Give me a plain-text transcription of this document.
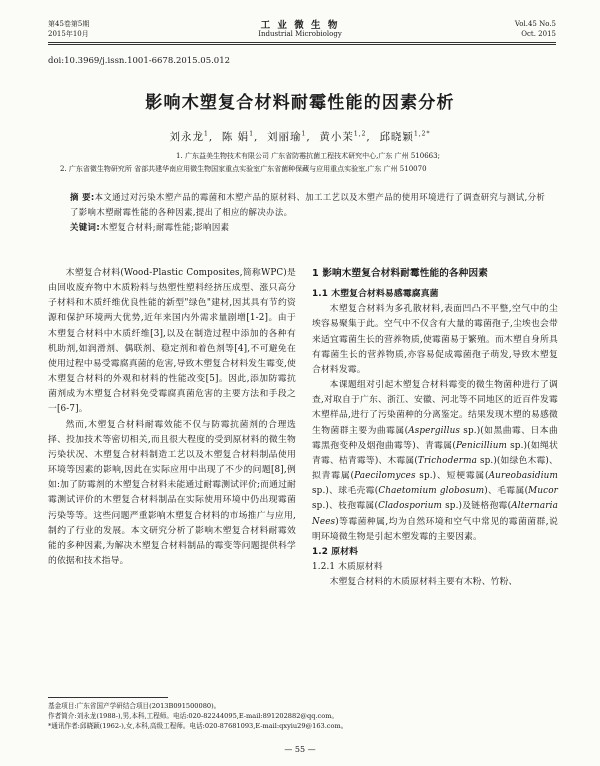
第45卷第5期
2015年10月
工 业 微 生 物
Industrial Microbiology
Vol.45 No.5
Oct. 2015
doi:10.3969/j.issn.1001-6678.2015.05.012
影响木塑复合材料耐霉性能的因素分析
刘永龙$^1$,  陈 娟$^1$,  刘丽瑜$^1$,  黄小茉$^{1,2}$,  邱晓颖$^{1,2*}$
1. 广东益美生物技术有限公司 广东省防霉抗菌工程技术研究中心,广东 广州 510663;
2. 广东省微生物研究所 省部共建华南应用微生物国家重点实验室广东省菌种保藏与应用重点实验室,广东 广州 510070
摘 要:本文通过对污染木塑产品的霉菌和木塑产品的原材料、加工工艺以及木塑产品的使用环境进行了调查研究与测试,分析了影响木塑耐霉性能的各种因素,提出了相应的解决办法。
关键词:木塑复合材料;耐霉性能;影响因素

木塑复合材料(Wood-Plastic Composites,简称WPC)是由回收废弃物中木质粉料与热塑性塑料经挤压成型、涨只高分子材料和木质纤维优良性能的新型"绿色"建材,因其具有节约资源和保护环境两大优势,近年来国内外需求量剧增[1-2]。由于木塑复合材料中木质纤维[3],以及在制造过程中添加的各种有机助剂,如润滑剂、偶联剂、稳定剂和着色剂等[4],不可避免在使用过程中易受霉腐真菌的危害,导致木塑复合材料发生霉变,使木塑复合材料的外观和材料的性能改变[5]。因此,添加防霉抗菌剂成为木塑复合材料免受霉腐真菌危害的主要方法和手段之一[6-7]。

然而,木塑复合材料耐霉效能不仅与防霉抗菌剂的合理选择、投加技术等密切相关,而且很大程度的受到原材料的微生物污染状况、木塑复合材料制造工艺以及木塑复合材料制品使用环境等因素的影响,因此在实际应用中出现了不少的问题[8],例如:加了防霉剂的木塑复合材料未能通过耐霉测试评价;而通过耐霉测试评价的木塑复合材料制品在实际使用环境中仍出现霉菌污染等等。这些问题严重影响木塑复合材料的市场推广与应用,制约了行业的发展。本文研究分析了影响木塑复合材料耐霉效能的多种因素,为解决木塑复合材料制品的霉变等问题提供科学的依据和技术指导。

1 影响木塑复合材料耐霉性能的各种因素
1.1 木塑复合材料易感霉腐真菌

木塑复合材料为多孔散材料,表面凹凸不平整,空气中的尘埃容易聚集于此。空气中不仅含有大量的霉菌孢子,尘埃也会带来适宜霉菌生长的营养物质,使霉菌易于繁殖。而木塑自身所具有霉菌生长的营养物质,亦容易促成霉菌孢子萌发,导致木塑复合材料发霉。

本课题组对引起木塑复合材料霉变的微生物菌种进行了调查,对取自于广东、浙江、安徽、河北等不同地区的近百件发霉木塑样品,进行了污染菌种的分离鉴定。结果发现木塑的易感微生物菌群主要为曲霉属(Aspergillus sp.)(如黑曲霉、日本曲霉黑孢变种及烟孢曲霉等)、青霉属(Penicillium sp.)(如绳状青霉、桔青霉等)、木霉属(Trichoderma sp.)(如绿色木霉)、拟青霉属(Paecilomyces sp.)、短梗霉属(Aureobasidium sp.)、球毛壳霉(Chaetomium globosum)、毛霉属(Mucor sp.)、枝孢霉属(Cladosporium sp.)及链格孢霉(Alternaria Nees)等霉菌种属,均为自然环境和空气中常见的霉菌菌群,说明环境微生物是引起木塑发霉的主要因素。

1.2 原材料
1.2.1 木质原材料

木塑复合材料的木质原材料主要有木粉、竹粉、

基金项目:广东省国产学研结合项目(2013B091500080)。
作者简介:刘永龙(1988-),男,本科,工程师。电话:020-82244095,E-mail:891202882@qq.com。
*通讯作者:邱晓颖(1962-),女,本科,高级工程师。电话:020-87681093,E-mail:qxyiu29@163.com。
— 55 —
